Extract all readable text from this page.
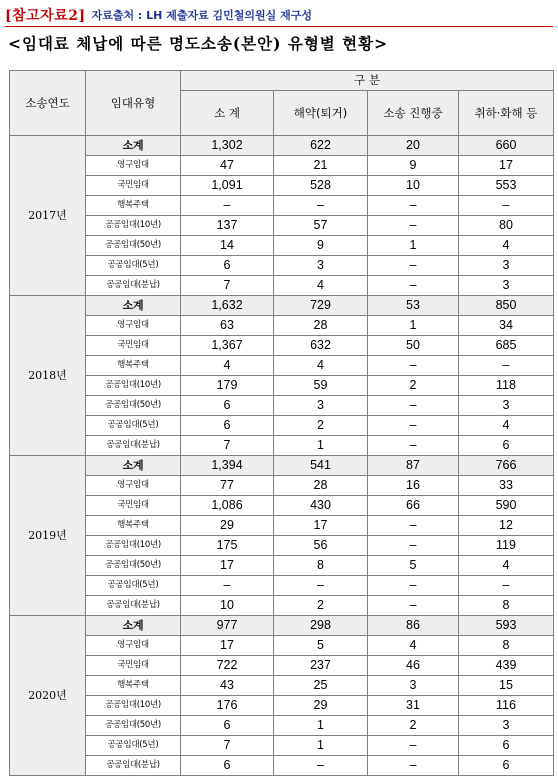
[참고자료2] 자료출처 : LH 제출자료 김민철의원실 재구성
<임대료 체납에 따른 명도소송(본안) 유형별 현황>
소송연도	임대유형	구 분			
		소 계	해약(퇴거)	소송 진행중	취하·화해 등
2017년	소계	1,302	622	20	660
	영구임대	47	21	9	17
	국민임대	1,091	528	10	553
	행복주택	–	–	–	–
	공공임대(10년)	137	57	–	80
	공공임대(50년)	14	9	1	4
	공공임대(5년)	6	3	–	3
	공공임대(분납)	7	4	–	3
2018년	소계	1,632	729	53	850
	영구임대	63	28	1	34
	국민임대	1,367	632	50	685
	행복주택	4	4	–	–
	공공임대(10년)	179	59	2	118
	공공임대(50년)	6	3	–	3
	공공임대(5년)	6	2	–	4
	공공임대(분납)	7	1	–	6
2019년	소계	1,394	541	87	766
	영구임대	77	28	16	33
	국민임대	1,086	430	66	590
	행복주택	29	17	–	12
	공공임대(10년)	175	56	–	119
	공공임대(50년)	17	8	5	4
	공공임대(5년)	–	–	–	–
	공공임대(분납)	10	2	–	8
2020년	소계	977	298	86	593
	영구임대	17	5	4	8
	국민임대	722	237	46	439
	행복주택	43	25	3	15
	공공임대(10년)	176	29	31	116
	공공임대(50년)	6	1	2	3
	공공임대(5년)	7	1	–	6
	공공임대(분납)	6	–	–	6
